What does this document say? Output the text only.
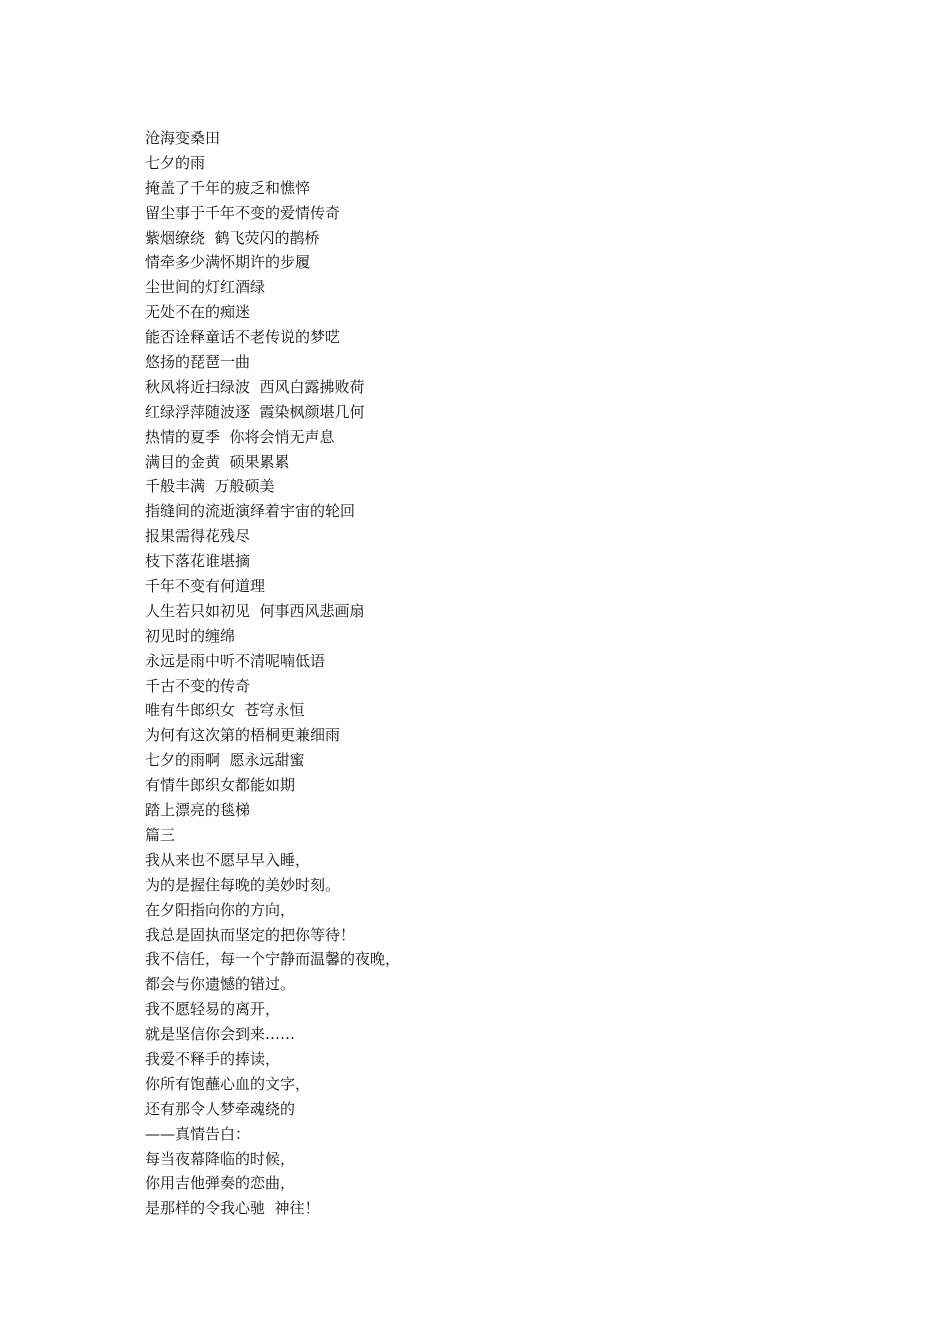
沧海变桑田
七夕的雨
掩盖了千年的疲乏和憔悴
留尘事于千年不变的爱情传奇
紫烟缭绕  鹤飞荧闪的鹊桥
情牵多少满怀期许的步履
尘世间的灯红酒绿
无处不在的痴迷
能否诠释童话不老传说的梦呓
悠扬的琵琶一曲
秋风将近扫绿波  西风白露拂败荷
红绿浮萍随波逐  霞染枫颜堪几何
热情的夏季  你将会悄无声息
满目的金黄  硕果累累
千般丰满  万般硕美
指缝间的流逝演绎着宇宙的轮回
报果需得花残尽
枝下落花谁堪摘
千年不变有何道理
人生若只如初见  何事西风悲画扇
初见时的缠绵
永远是雨中听不清呢喃低语
千古不变的传奇
唯有牛郎织女  苍穹永恒
为何有这次第的梧桐更兼细雨
七夕的雨啊  愿永远甜蜜
有情牛郎织女都能如期
踏上漂亮的毯梯
篇三
我从来也不愿早早入睡，
为的是握住每晚的美妙时刻。
在夕阳指向你的方向，
我总是固执而坚定的把你等待！
我不信任，每一个宁静而温馨的夜晚，
都会与你遗憾的错过。
我不愿轻易的离开，
就是坚信你会到来……
我爱不释手的捧读，
你所有饱蘸心血的文字，
还有那令人梦牵魂绕的
——真情告白：
每当夜幕降临的时候，
你用吉他弹奏的恋曲，
是那样的令我心驰  神往！
